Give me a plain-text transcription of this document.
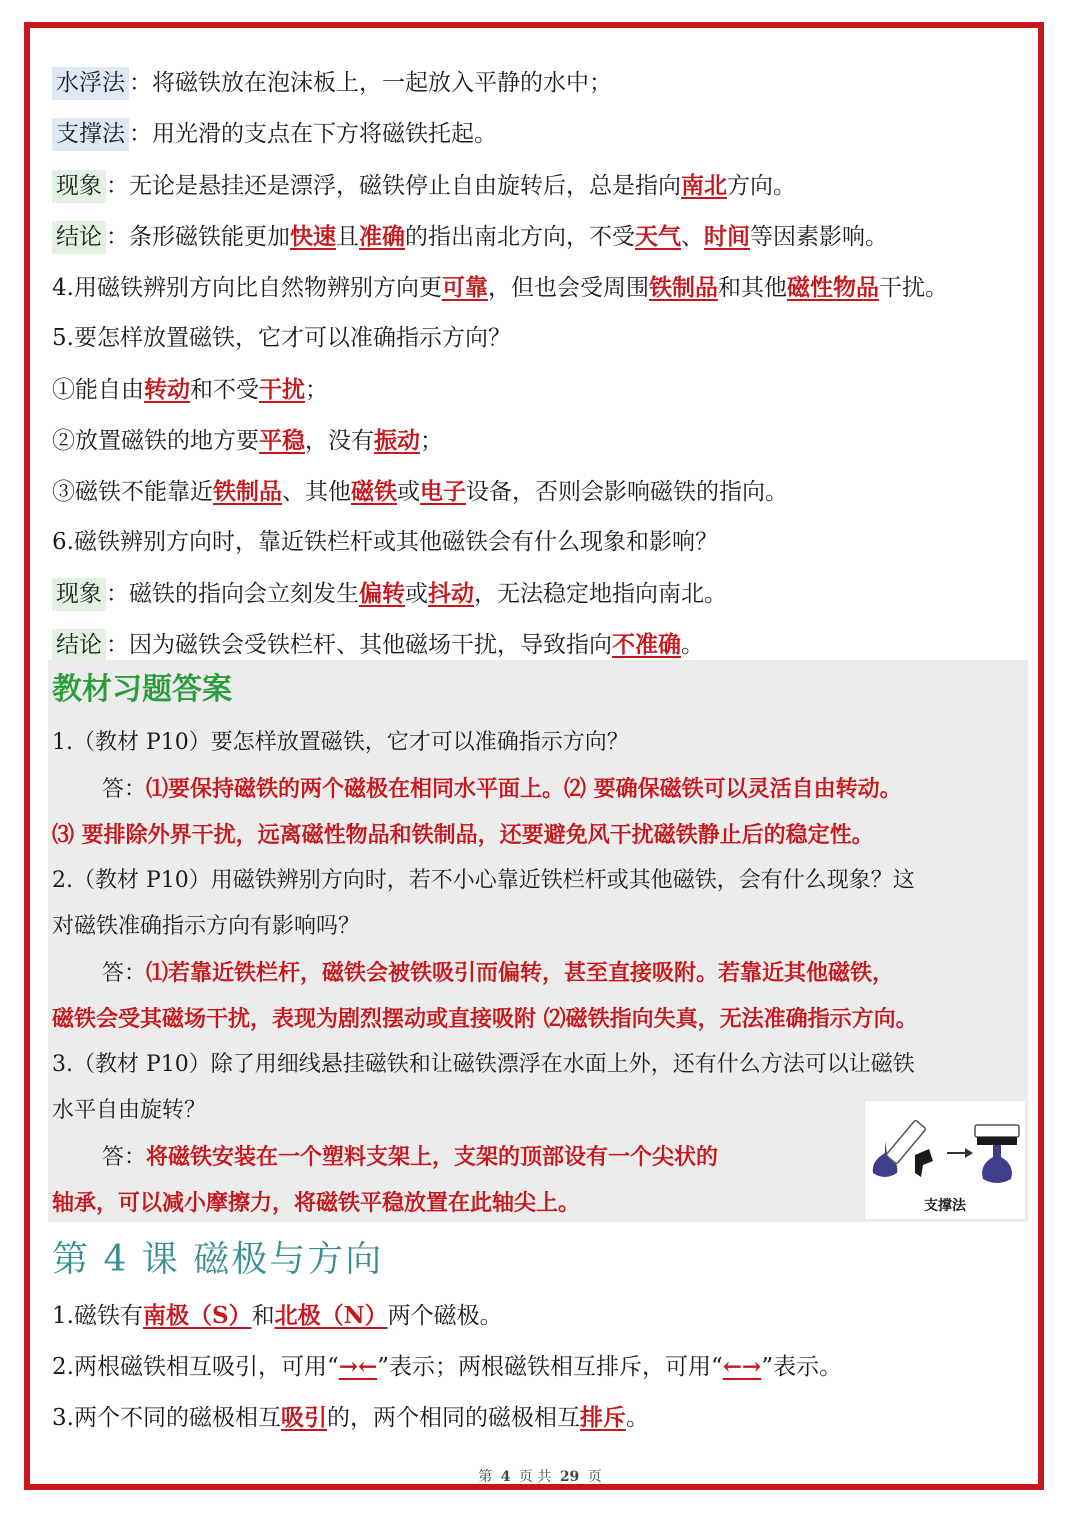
水浮法 ：将磁铁放在泡沫板上，一起放入平静的水中；
支撑法 ：用光滑的支点在下方将磁铁托起。
现象 ：无论是悬挂还是漂浮，磁铁停止自由旋转后，总是指向南北方向。
结论 ：条形磁铁能更加快速且准确的指出南北方向，不受天气、时间等因素影响。
4.用磁铁辨别方向比自然物辨别方向更可靠，但也会受周围铁制品和其他磁性物品干扰。
5.要怎样放置磁铁，它才可以准确指示方向？
①能自由转动和不受干扰；
②放置磁铁的地方要平稳，没有振动；
③磁铁不能靠近铁制品、其他磁铁或电子设备，否则会影响磁铁的指向。
6.磁铁辨别方向时，靠近铁栏杆或其他磁铁会有什么现象和影响？
现象 ：磁铁的指向会立刻发生偏转或抖动，无法稳定地指向南北。
结论 ：因为磁铁会受铁栏杆、其他磁场干扰，导致指向不准确。
教材习题答案
1.（教材 P10）要怎样放置磁铁，它才可以准确指示方向？
答：⑴要保持磁铁的两个磁极在相同水平面上。⑵ 要确保磁铁可以灵活自由转动。
⑶ 要排除外界干扰，远离磁性物品和铁制品，还要避免风干扰磁铁静止后的稳定性。
2.（教材 P10）用磁铁辨别方向时，若不小心靠近铁栏杆或其他磁铁，会有什么现象？这
对磁铁准确指示方向有影响吗？
答：⑴若靠近铁栏杆，磁铁会被铁吸引而偏转，甚至直接吸附。若靠近其他磁铁，
磁铁会受其磁场干扰，表现为剧烈摆动或直接吸附 ⑵磁铁指向失真，无法准确指示方向。
3.（教材 P10）除了用细线悬挂磁铁和让磁铁漂浮在水面上外，还有什么方法可以让磁铁
水平自由旋转？
答：将磁铁安装在一个塑料支架上，支架的顶部设有一个尖状的
轴承，可以减小摩擦力，将磁铁平稳放置在此轴尖上。	支撑法
第 4 课 磁极与方向
1.磁铁有南极（S）和北极（N）两个磁极。
2.两根磁铁相互吸引，可用“→←”表示；两根磁铁相互排斥，可用“←→”表示。
3.两个不同的磁极相互吸引的，两个相同的磁极相互排斥。
第 4 页 共 29 页
